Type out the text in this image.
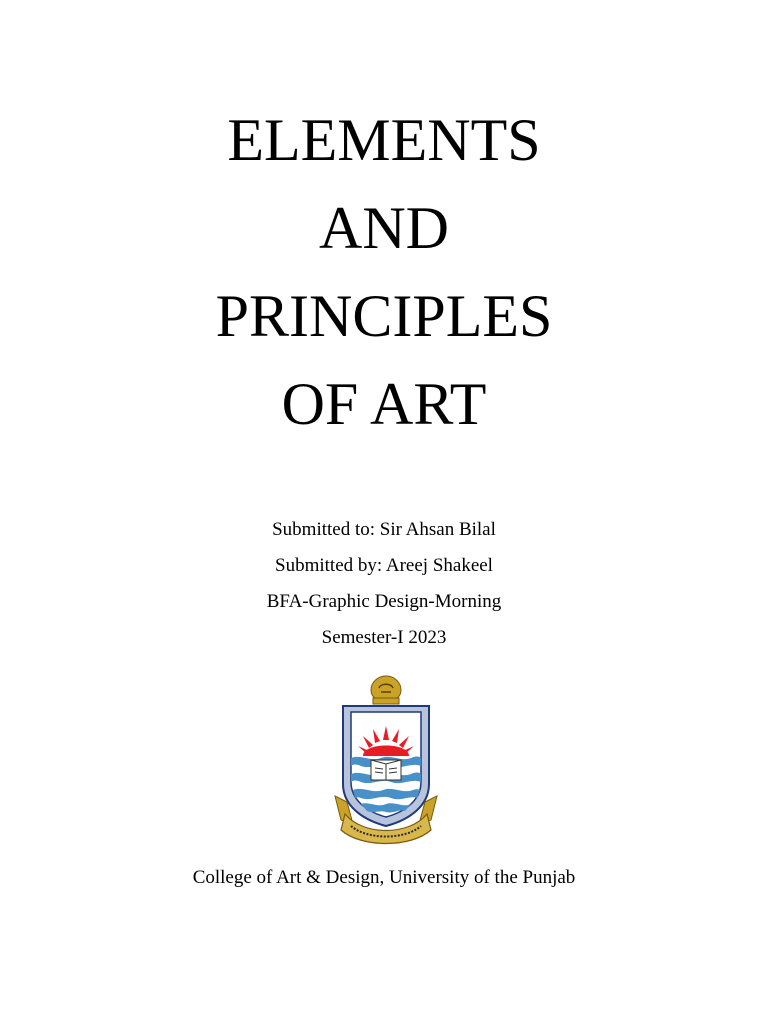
ELEMENTS

AND

PRINCIPLES

OF ART

Submitted to: Sir Ahsan Bilal

Submitted by: Areej Shakeel

BFA-Graphic Design-Morning

Semester-I 2023

College of Art & Design, University of the Punjab
